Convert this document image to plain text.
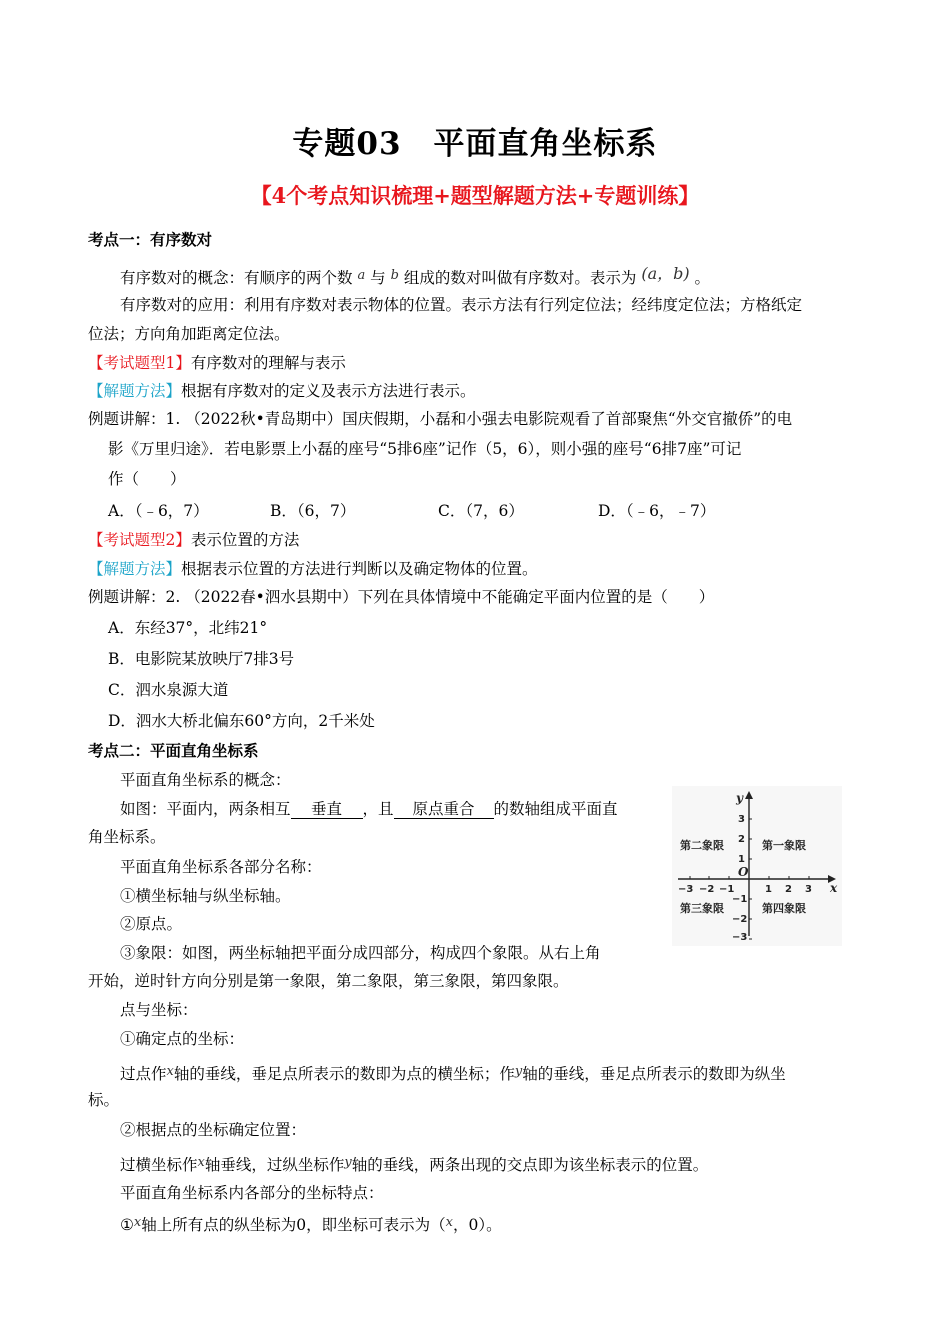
专题03　平面直角坐标系
【4个考点知识梳理+题型解题方法+专题训练】
考点一：有序数对
有序数对的概念：有顺序的两个数 $^a$ 与 $^b$ 组成的数对叫做有序数对。表示为 (a，b) 。
有序数对的应用：利用有序数对表示物体的位置。表示方法有行列定位法；经纬度定位法；方格纸定
位法；方向角加距离定位法。
【考试题型1】有序数对的理解与表示
【解题方法】根据有序数对的定义及表示方法进行表示。
例题讲解：1. （2022秋•青岛期中）国庆假期，小磊和小强去电影院观看了首部聚焦“外交官撤侨”的电
影《万里归途》．若电影票上小磊的座号“5排6座”记作（5，6），则小强的座号“6排7座”可记
作（　　）
A．（﹣6，7）	B．（6，7）	C．（7，6）	D．（﹣6，﹣7）
【考试题型2】表示位置的方法
【解题方法】根据表示位置的方法进行判断以及确定物体的位置。
例题讲解：2. （2022春•泗水县期中）下列在具体情境中不能确定平面内位置的是（　　）
A．东经37°，北纬21°
B．电影院某放映厅7排3号
C．泗水泉源大道
D．泗水大桥北偏东60°方向，2千米处
考点二：平面直角坐标系
平面直角坐标系的概念：
如图：平面内，两条相互 垂直 ，且 原点重合 的数轴组成平面直
角坐标系。
平面直角坐标系各部分名称：
①横坐标轴与纵坐标轴。
②原点。
③象限：如图，两坐标轴把平面分成四部分，构成四个象限。从右上角
开始，逆时针方向分别是第一象限，第二象限，第三象限，第四象限。
点与坐标：
①确定点的坐标：
过点作$^x$轴的垂线，垂足点所表示的数即为点的横坐标；作$^y$轴的垂线，垂足点所表示的数即为纵坐
标。
②根据点的坐标确定位置：
过横坐标作$^x$轴垂线，过纵坐标作$^y$轴的垂线，两条出现的交点即为该坐标表示的位置。
平面直角坐标系内各部分的坐标特点：
①$^x$轴上所有点的纵坐标为0，即坐标可表示为（$^x$，0）。
−3 −2 −1	1 2 3
3
2
1
−1
−2
−3
x
y
O
第一象限
第二象限
第三象限	第四象限
